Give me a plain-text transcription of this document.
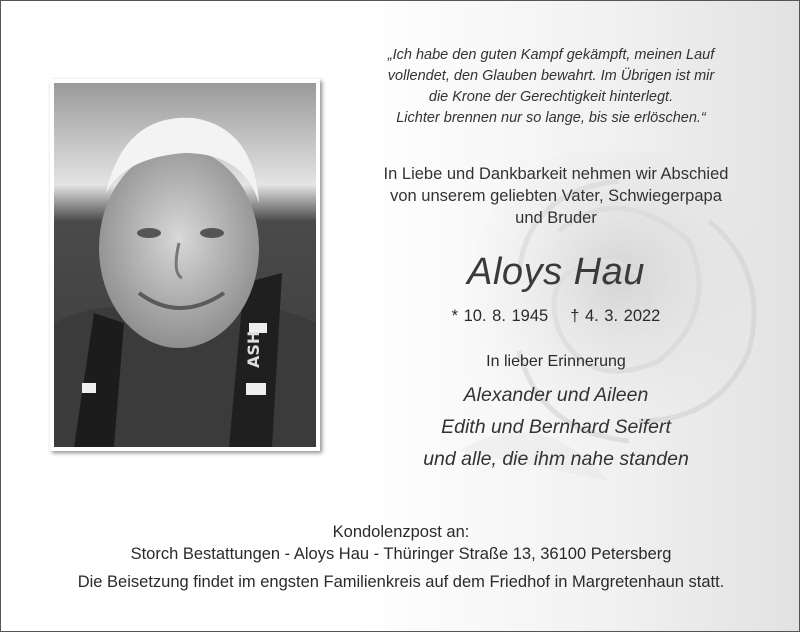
ASH
„Ich habe den guten Kampf gekämpft, meinen Lauf
vollendet, den Glauben bewahrt. Im Übrigen ist mir
die Krone der Gerechtigkeit hinterlegt.
Lichter brennen nur so lange, bis sie erlöschen.“
In Liebe und Dankbarkeit nehmen wir Abschied
von unserem geliebten Vater, Schwiegerpapa
und Bruder
Aloys Hau
* 10. 8. 1945 † 4. 3. 2022
In lieber Erinnerung
Alexander und Aileen
Edith und Bernhard Seifert
und alle, die ihm nahe standen
Kondolenzpost an:
Storch Bestattungen - Aloys Hau - Thüringer Straße 13, 36100 Petersberg
Die Beisetzung findet im engsten Familienkreis auf dem Friedhof in Margretenhaun statt.
